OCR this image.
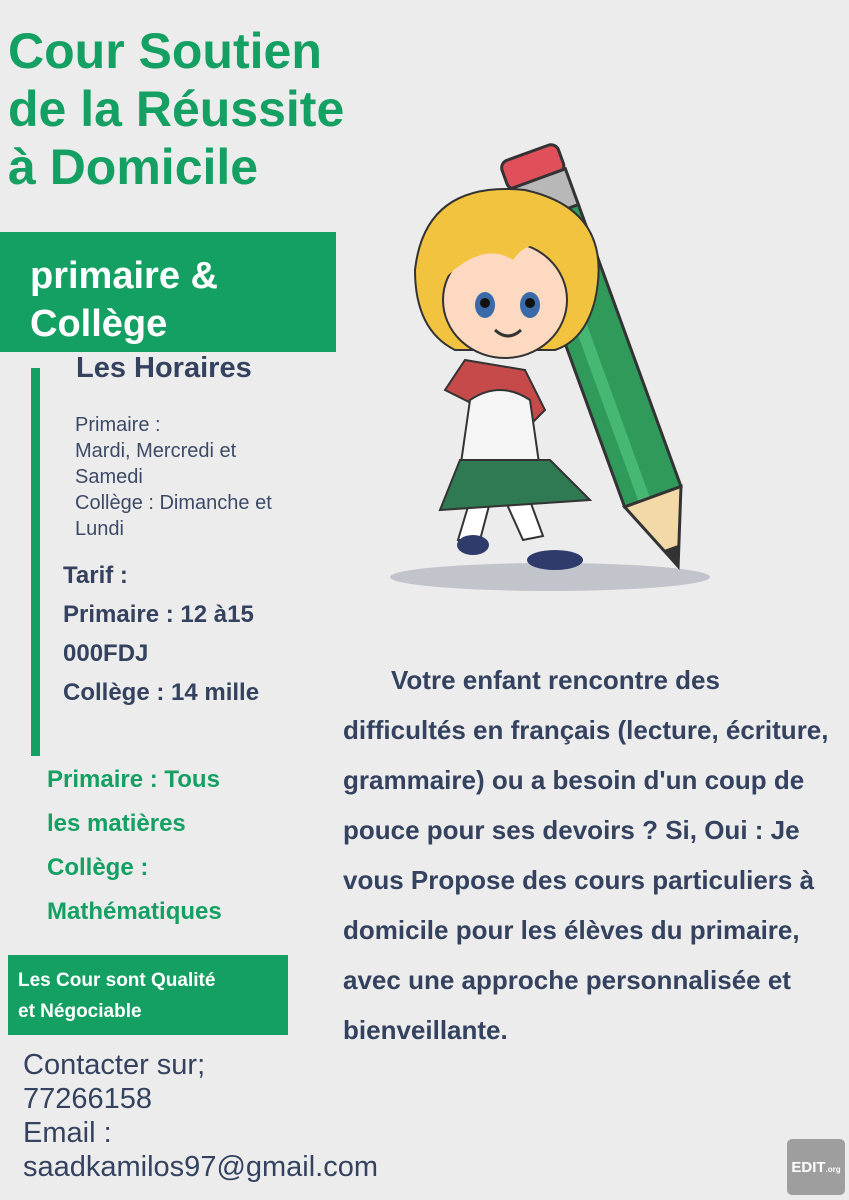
Cour Soutien
de la Réussite
à Domicile
primaire &
Collège
Les Horaires
Primaire :
Mardi, Mercredi et
Samedi
Collège : Dimanche et
Lundi
Tarif :
Primaire : 12 à15
000FDJ
Collège : 14 mille
Primaire : Tous
les matières
Collège :
Mathématiques
Les Cour sont Qualité
et Négociable
Contacter sur;
77266158
Email :
saadkamilos97@gmail.com
Votre enfant rencontre des difficultés en français (lecture, écriture, grammaire) ou a besoin d'un coup de pouce pour ses devoirs ? Si, Oui : Je vous Propose des cours particuliers à domicile pour les élèves du primaire, avec une approche personnalisée et bienveillante.
EDIT .org
